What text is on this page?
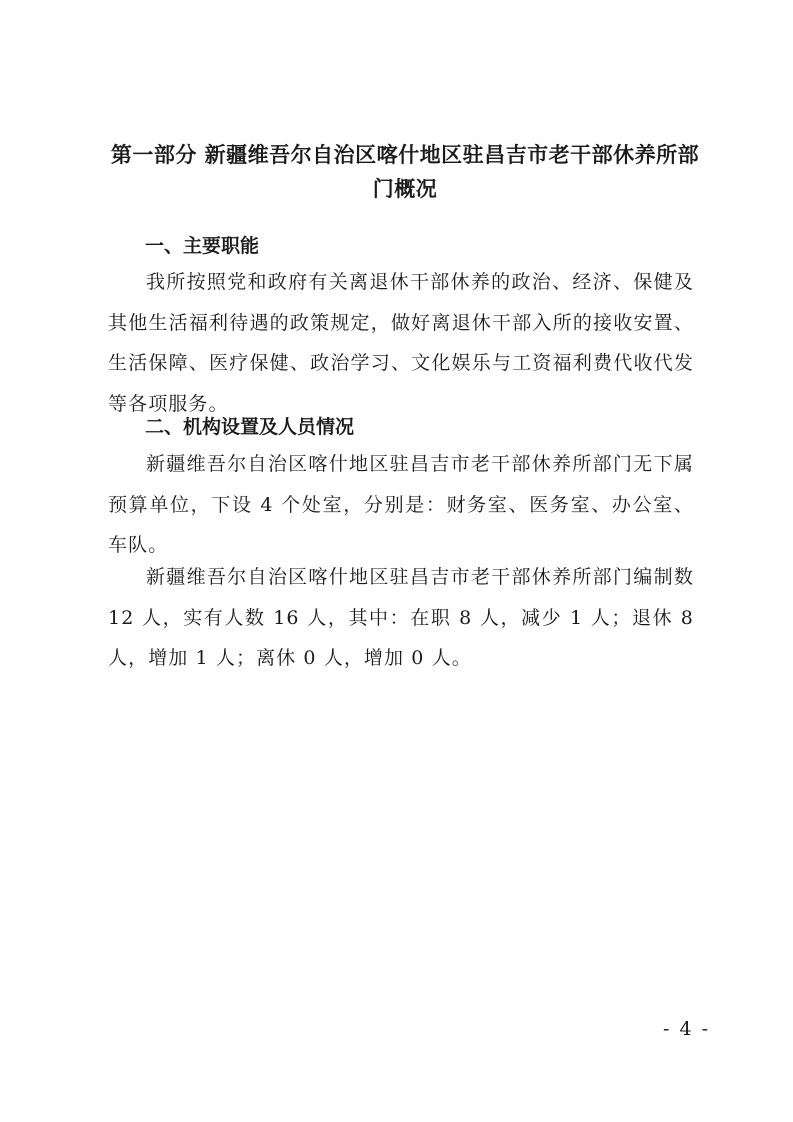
第一部分 新疆维吾尔自治区喀什地区驻昌吉市老干部休养所部
门概况
一、主要职能
我所按照党和政府有关离退休干部休养的政治、经济、保健及其他生活福利待遇的政策规定，做好离退休干部入所的接收安置、生活保障、医疗保健、政治学习、文化娱乐与工资福利费代收代发等各项服务。
二、机构设置及人员情况
新疆维吾尔自治区喀什地区驻昌吉市老干部休养所部门无下属预算单位，下设 4 个处室，分别是：财务室、医务室、办公室、车队。
新疆维吾尔自治区喀什地区驻昌吉市老干部休养所部门编制数 12 人，实有人数 16 人，其中：在职 8 人，减少 1 人；退休 8 人，增加 1 人；离休 0 人，增加 0 人。
- 4 -
